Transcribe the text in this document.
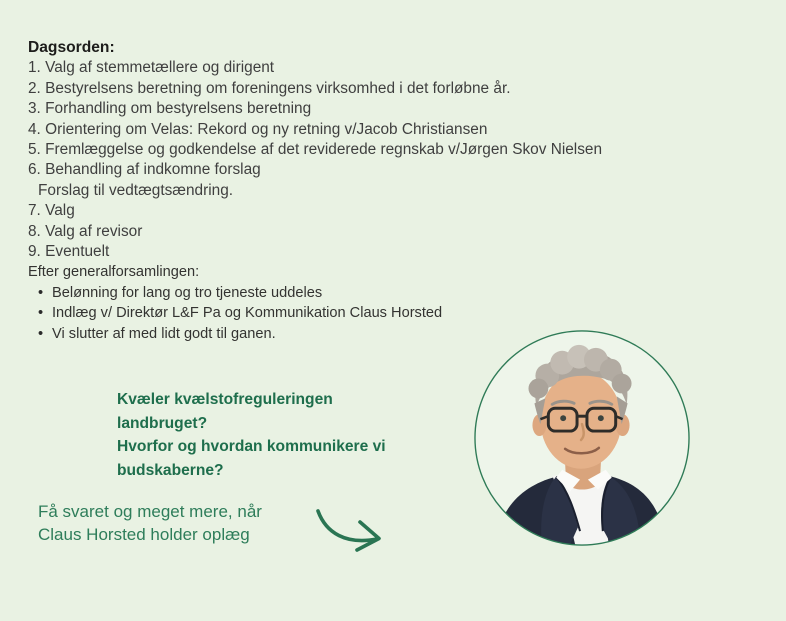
Dagsorden:
1. Valg af stemmetællere og dirigent
2. Bestyrelsens beretning om foreningens virksomhed i det forløbne år.
3. Forhandling om bestyrelsens beretning
4. Orientering om Velas: Rekord og ny retning v/Jacob Christiansen
5. Fremlæggelse og godkendelse af det reviderede regnskab v/Jørgen Skov Nielsen
6. Behandling af indkomne forslag
Forslag til vedtægtsændring.
7. Valg
8. Valg af revisor
9. Eventuelt
Efter generalforsamlingen:
• Belønning for lang og tro tjeneste uddeles
• Indlæg v/ Direktør L&F Pa og Kommunikation Claus Horsted
• Vi slutter af med lidt godt til ganen.
Kvæler kvælstofreguleringen
landbruget?
Hvorfor og hvordan kommunikere vi
budskaberne?
Få svaret og meget mere, når
Claus Horsted holder oplæg
